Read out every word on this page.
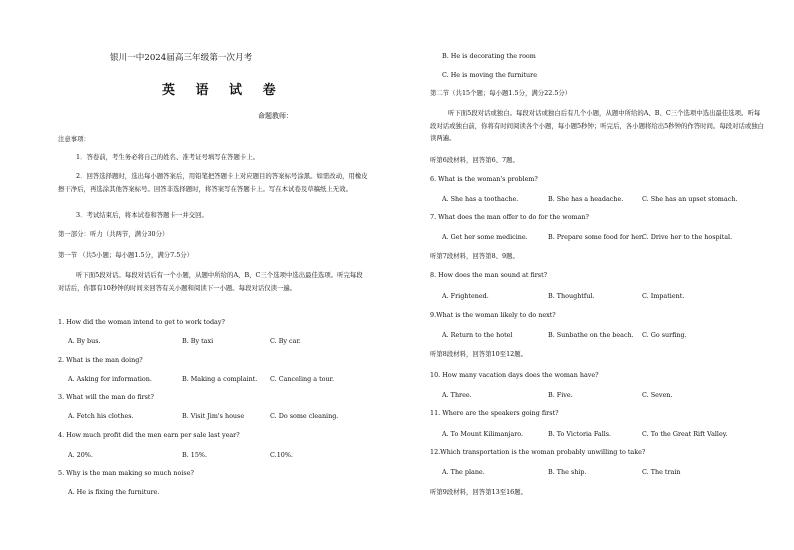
银川一中2024届高三年级第一次月考
英 语 试 卷
命题教师：
注意事项：
1．答卷前，考生务必将自己的姓名、准考证号填写在答题卡上。
2．回答选择题时，选出每小题答案后，用铅笔把答题卡上对应题目的答案标号涂黑。如需改动，用橡皮擦干净后，再选涂其他答案标号。回答非选择题时，将答案写在答题卡上。写在本试卷及草稿纸上无效。
3．考试结束后，将本试卷和答题卡一并交回。
第一部分：听力（共两节，满分30分）
第一节 （共5小题；每小题1.5分，满分7.5分）
听下面5段对话。每段对话后有一个小题，从题中所给的A、B、C三个选项中选出最佳选项。听完每段对话后，你都有10秒钟的时间来回答有关小题和阅读下一小题。每段对话仅读一遍。
1. How did the woman intend to get to work today?
A. By bus.	B. By taxi	C. By car.
2. What is the man doing?
A. Asking for information.	B. Making a complaint. C. Canceling a tour.
3. What will the man do first?
A. Fetch his clothes.	B. Visit Jim's house	C. Do some cleaning.
4. How much profit did the men earn per sale last year?
A. 20%.	B. 15%.	C.10%.
5. Why is the man making so much noise?
A. He is fixing the furniture.
B. He is decorating the room
C. He is moving the furniture
第二节（共15个题；每小题1.5分，满分22.5分）
听下面5段对话或独白。每段对话或独白后有几个小题，从题中所给的A、B、C三个选项中选出最佳选项。听每段对话或独白前，你将有时间阅读各个小题，每小题5秒钟；听完后，各小题将给出5秒钟的作答时间。每段对话或独白读两遍。
听第6段材料，回答第6、7题。
6. What is the woman's problem?
A. She has a toothache.	B. She has a headache.	C. She has an upset stomach.
7. What does the man offer to do for the woman?
A. Get her some medicine.	B. Prepare some food for her.
C. Drive her to the hospital.
听第7段材料，回答第8、9题。
8. How does the man sound at first?
A. Frightened.	B. Thoughtful.	C. Impatient.
9.What is the woman likely to do next?
A. Return to the hotel	B. Sunbathe on the beach. C. Go surfing.
听第8段材料，回答第10至12题。
10. How many vacation days does the woman have?
A. Three.	B. Five.	C. Seven.
11. Where are the speakers going first?
A. To Mount Kilimanjaro.	B. To Victoria Falls.	C. To the Great Rift Valley.
12.Which transportation is the woman probably unwilling to take?
A. The plane.	B. The ship.	C. The train
听第9段材料，回答第13至16题。
